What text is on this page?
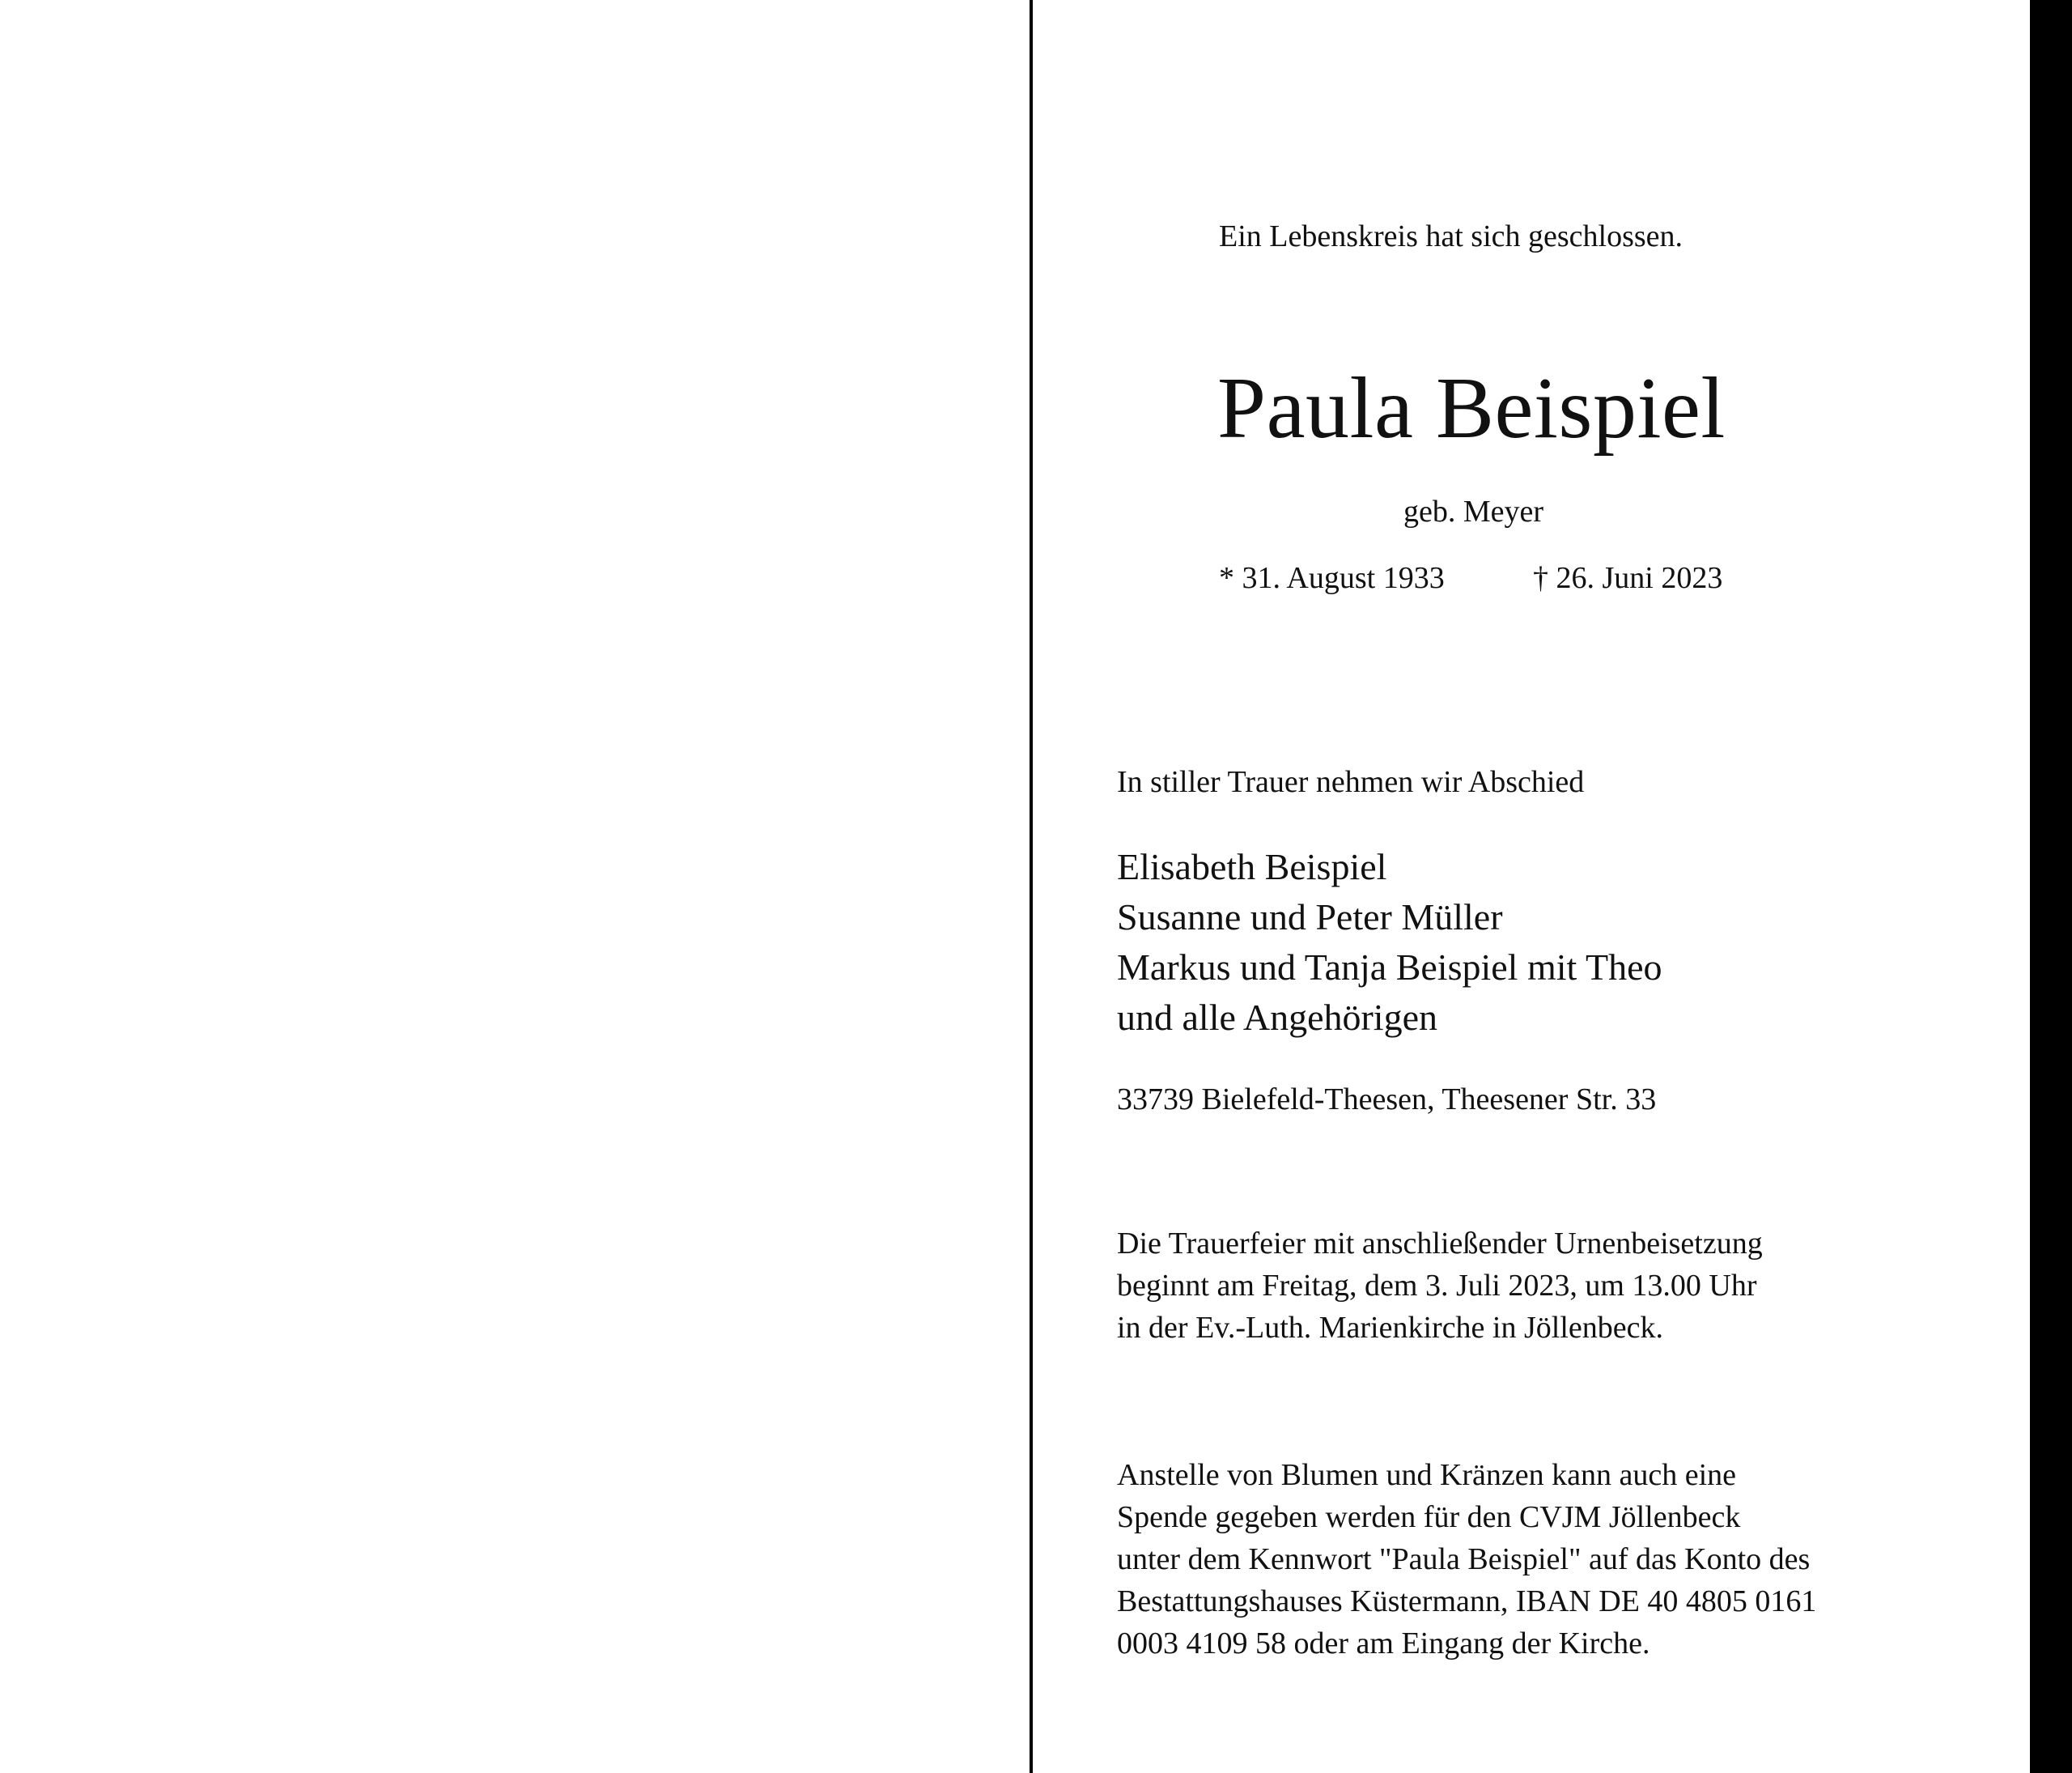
Ein Lebenskreis hat sich geschlossen.
Paula Beispiel
geb. Meyer
* 31. August 1933	† 26. Juni 2023
In stiller Trauer nehmen wir Abschied
Elisabeth Beispiel
Susanne und Peter Müller
Markus und Tanja Beispiel mit Theo
und alle Angehörigen
33739 Bielefeld-Theesen, Theesener Str. 33
Die Trauerfeier mit anschließender Urnenbeisetzung
beginnt am Freitag, dem 3. Juli 2023, um 13.00 Uhr
in der Ev.-Luth. Marienkirche in Jöllenbeck.
Anstelle von Blumen und Kränzen kann auch eine
Spende gegeben werden für den CVJM Jöllenbeck
unter dem Kennwort "Paula Beispiel" auf das Konto des
Bestattungshauses Küstermann, IBAN DE 40 4805 0161
0003 4109 58 oder am Eingang der Kirche.
